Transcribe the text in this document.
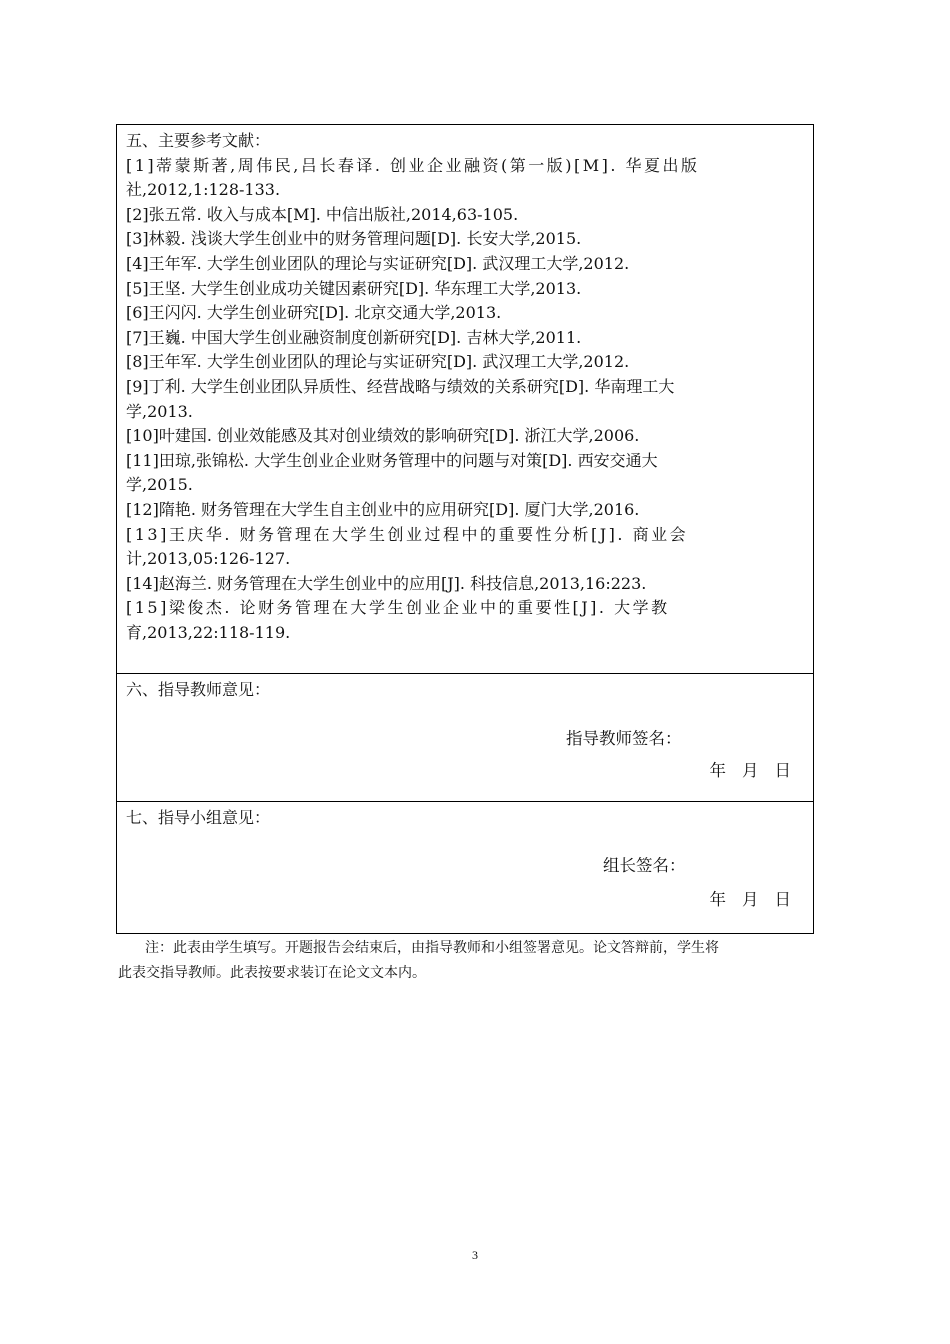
五、主要参考文献：
[1]蒂蒙斯著,周伟民,吕长春译. 创业企业融资(第一版)[M]. 华夏出版
社,2012,1:128-133.
[2]张五常. 收入与成本[M]. 中信出版社,2014,63-105.
[3]林毅. 浅谈大学生创业中的财务管理问题[D]. 长安大学,2015.
[4]王年军. 大学生创业团队的理论与实证研究[D]. 武汉理工大学,2012.
[5]王坚. 大学生创业成功关键因素研究[D]. 华东理工大学,2013.
[6]王闪闪. 大学生创业研究[D]. 北京交通大学,2013.
[7]王巍. 中国大学生创业融资制度创新研究[D]. 吉林大学,2011.
[8]王年军. 大学生创业团队的理论与实证研究[D]. 武汉理工大学,2012.
[9]丁利. 大学生创业团队异质性、经营战略与绩效的关系研究[D]. 华南理工大
学,2013.
[10]叶建国. 创业效能感及其对创业绩效的影响研究[D]. 浙江大学,2006.
[11]田琼,张锦松. 大学生创业企业财务管理中的问题与对策[D]. 西安交通大
学,2015.
[12]隋艳. 财务管理在大学生自主创业中的应用研究[D]. 厦门大学,2016.
[13]王庆华. 财务管理在大学生创业过程中的重要性分析[J]. 商业会
计,2013,05:126-127.
[14]赵海兰. 财务管理在大学生创业中的应用[J]. 科技信息,2013,16:223.
[15]梁俊杰. 论财务管理在大学生创业企业中的重要性[J]. 大学教
育,2013,22:118-119.
六、指导教师意见：
指导教师签名：
年 月 日
七、指导小组意见：
组长签名：
年 月 日
注：此表由学生填写。开题报告会结束后，由指导教师和小组签署意见。论文答辩前，学生将
此表交指导教师。此表按要求装订在论文文本内。
3
